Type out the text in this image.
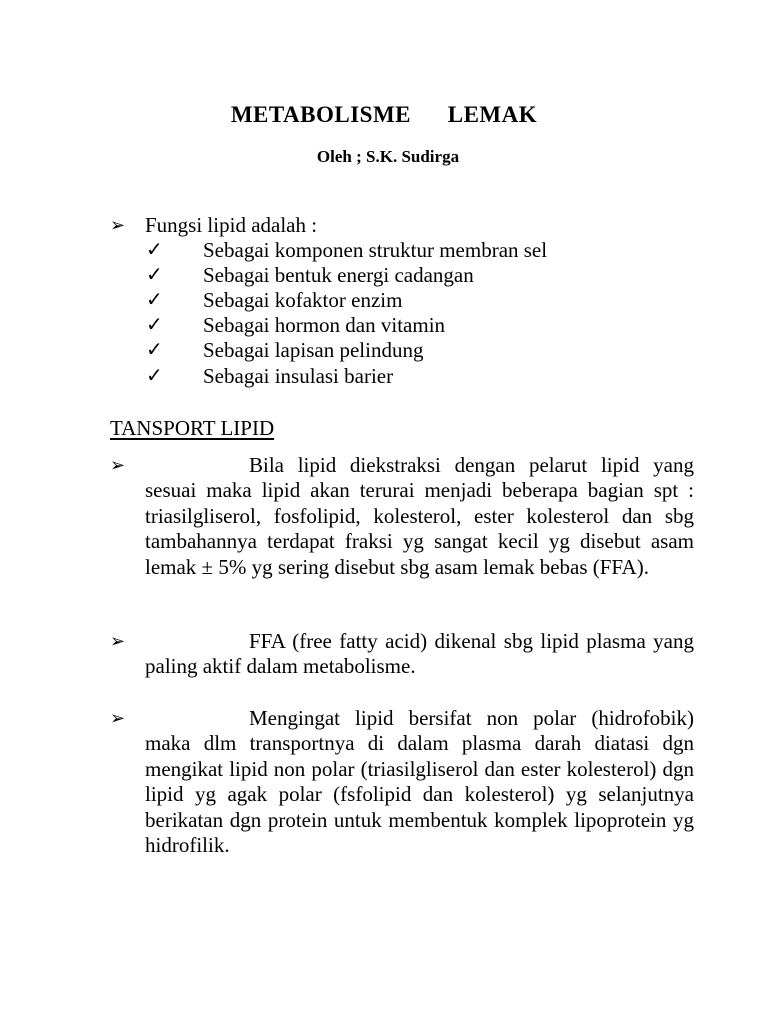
METABOLISME   LEMAK
Oleh ; S.K. Sudirga
➢ Fungsi lipid adalah :
✓ Sebagai komponen struktur membran sel
✓ Sebagai bentuk energi cadangan
✓ Sebagai kofaktor enzim
✓ Sebagai hormon dan vitamin
✓ Sebagai lapisan pelindung
✓ Sebagai insulasi barier
TANSPORT LIPID
➢	Bila lipid diekstraksi dengan pelarut lipid yang sesuai maka lipid akan terurai menjadi beberapa bagian spt : triasilgliserol, fosfolipid, kolesterol, ester kolesterol dan sbg tambahannya terdapat fraksi yg sangat kecil yg disebut asam lemak ± 5% yg sering disebut sbg asam lemak bebas (FFA).
➢	FFA (free fatty acid) dikenal sbg lipid plasma yang paling aktif dalam metabolisme.
➢	Mengingat lipid bersifat non polar (hidrofobik) maka dlm transportnya di dalam plasma darah diatasi dgn mengikat lipid non polar (triasilgliserol dan ester kolesterol) dgn lipid yg agak polar (fsfolipid dan kolesterol) yg selanjutnya berikatan dgn protein untuk membentuk komplek lipoprotein yg hidrofilik.
